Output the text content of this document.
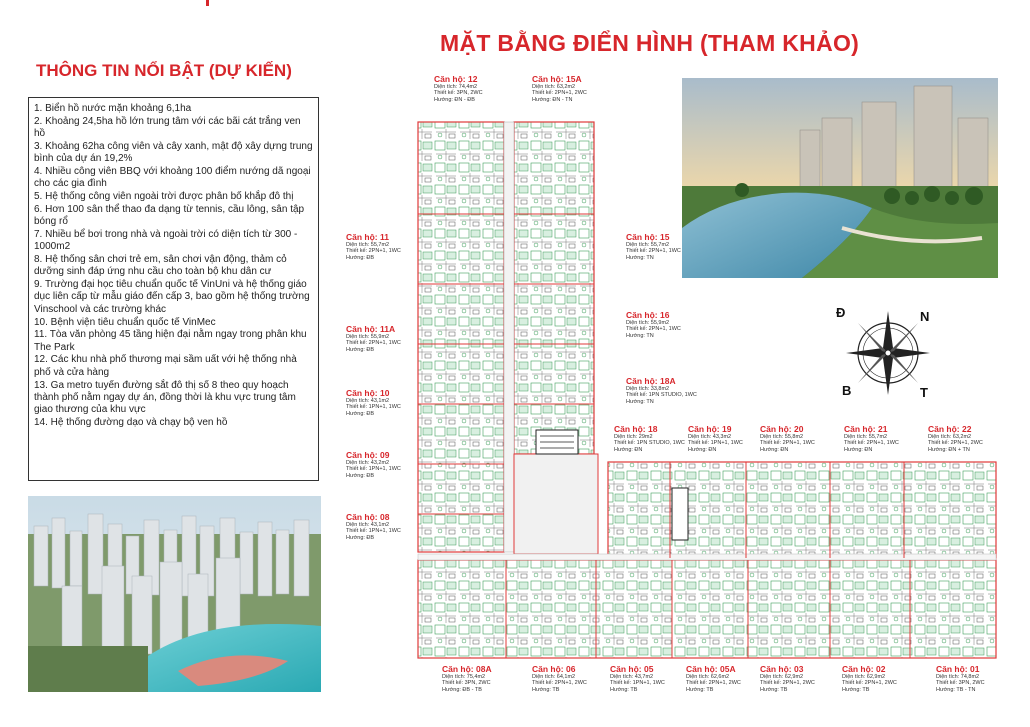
MẶT BẰNG ĐIỂN HÌNH (THAM KHẢO)
THÔNG TIN NỔI BẬT (DỰ KIẾN)
1. Biển hồ nước mặn khoảng 6,1ha
2. Khoảng 24,5ha hồ lớn trung tâm với các bãi cát trắng ven hồ
3. Khoảng 62ha công viên và cây xanh, mật độ xây dựng trung bình của dự án 19,2%
4. Nhiều công viên BBQ với khoảng 100 điểm nướng dã ngoại cho các gia đình
5. Hệ thống công viên ngoài trời được phân bố khắp đô thị
6. Hơn 100 sân thể thao đa dạng từ tennis, cầu lông, sân tập bóng rổ
7. Nhiều bể bơi trong nhà và ngoài trời có diện tích từ 300 - 1000m2
8. Hệ thống sân chơi trẻ em, sân chơi vận động, thảm cỏ dưỡng sinh đáp ứng nhu cầu cho toàn bộ khu dân cư
9. Trường đại học tiêu chuẩn quốc tế VinUni và hệ thống giáo dục liên cấp từ mẫu giáo đến cấp 3, bao gồm hệ thống trường Vinschool và các trường khác
10. Bệnh viện tiêu chuẩn quốc tế VinMec
11. Tòa văn phòng 45 tầng hiện đại nằm ngay trong phân khu The Park
12. Các khu nhà phố thương mại sầm uất với hệ thống nhà phố và cửa hàng
13. Ga metro tuyến đường sắt đô thị số 8 theo quy hoạch thành phố nằm ngay dự án, đồng thời là khu vực trung tâm giao thương của khu vực
14. Hệ thống đường dạo và chạy bộ ven hồ
Căn hộ: 12
Diện tích: 74,4m2
Thiết kế: 3PN, 2WC
Hướng: ĐN - ĐB
Căn hộ: 15A
Diện tích: 63,2m2
Thiết kế: 2PN+1, 2WC
Hướng: ĐN - TN
Căn hộ: 11
Diện tích: 55,7m2
Thiết kế: 2PN+1, 1WC
Hướng: ĐB
Căn hộ: 15
Diện tích: 55,7m2
Thiết kế: 2PN+1, 1WC
Hướng: TN
Căn hộ: 16
Diện tích: 55,9m2
Thiết kế: 2PN+1, 1WC
Hướng: TN
Căn hộ: 11A
Diện tích: 55,9m2
Thiết kế: 2PN+1, 1WC
Hướng: ĐB
Căn hộ: 18A
Diện tích: 33,8m2
Thiết kế: 1PN STUDIO, 1WC
Hướng: TN
Căn hộ: 10
Diện tích: 43,1m2
Thiết kế: 1PN+1, 1WC
Hướng: ĐB
Căn hộ: 18
Diện tích: 29m2
Thiết kế: 1PN STUDIO, 1WC
Hướng: ĐN
Căn hộ: 19
Diện tích: 43,3m2
Thiết kế: 1PN+1, 1WC
Hướng: ĐN
Căn hộ: 20
Diện tích: 55,8m2
Thiết kế: 2PN+1, 1WC
Hướng: ĐN
Căn hộ: 21
Diện tích: 55,7m2
Thiết kế: 2PN+1, 1WC
Hướng: ĐN
Căn hộ: 22
Diện tích: 63,2m2
Thiết kế: 2PN+1, 2WC
Hướng: ĐN + TN
Căn hộ: 09
Diện tích: 43,2m2
Thiết kế: 1PN+1, 1WC
Hướng: ĐB
Căn hộ: 08
Diện tích: 43,1m2
Thiết kế: 1PN+1, 1WC
Hướng: ĐB
Căn hộ: 08A
Diện tích: 75,4m2
Thiết kế: 3PN, 2WC
Hướng: ĐB - TB
Căn hộ: 06
Diện tích: 64,1m2
Thiết kế: 2PN+1, 2WC
Hướng: TB
Căn hộ: 05
Diện tích: 43,7m2
Thiết kế: 1PN+1, 1WC
Hướng: TB
Căn hộ: 05A
Diện tích: 62,6m2
Thiết kế: 2PN+1, 2WC
Hướng: TB
Căn hộ: 03
Diện tích: 62,9m2
Thiết kế: 2PN+1, 2WC
Hướng: TB
Căn hộ: 02
Diện tích: 62,9m2
Thiết kế: 2PN+1, 2WC
Hướng: TB
Căn hộ: 01
Diện tích: 74,8m2
Thiết kế: 3PN, 2WC
Hướng: TB - TN
Đ	N
B	T
